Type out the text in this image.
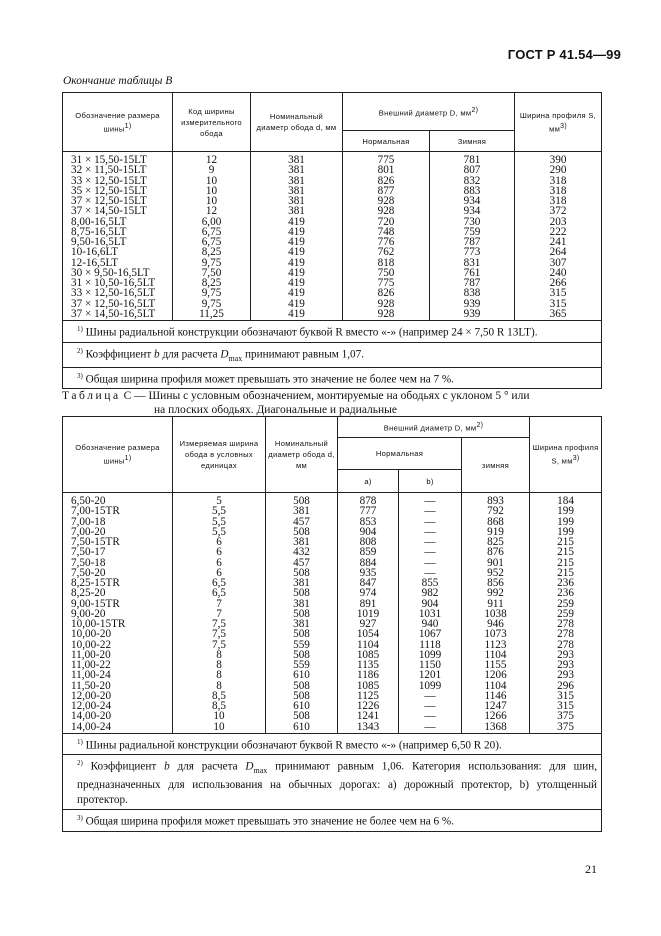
ГОСТ Р 41.54—99
Окончание таблицы B
Обозначение размера шины$^{1)}$	Код ширины измерительного обода	Номинальный диаметр обода d, мм	Внешний диаметр D, $мм^{2)}$		Ширина профиля S, $мм^{3)}$
			Нормальная	Зимняя	
31 × 15,50-15LT	12	381	775	781	390
32 × 11,50-15LT	9	381	801	807	290
33 × 12,50-15LT	10	381	826	832	318
35 × 12,50-15LT	10	381	877	883	318
37 × 12,50-15LT	10	381	928	934	318
37 × 14,50-15LT	12	381	928	934	372
8,00-16,5LT	6,00	419	720	730	203
8,75-16,5LT	6,75	419	748	759	222
9,50-16,5LT	6,75	419	776	787	241
10-16,6LT	8,25	419	762	773	264
12-16,5LT	9,75	419	818	831	307
30 × 9,50-16,5LT	7,50	419	750	761	240
31 × 10,50-16,5LT	8,25	419	775	787	266
33 × 12,50-16,5LT	9,75	419	826	838	315
37 × 12,50-16,5LT	9,75	419	928	939	315
37 × 14,50-16,5LT	11,25	419	928	939	365
$^{1)}$ Шины радиальной конструкции обозначают буквой R вместо «-» (например 24 × 7,50 R 13LT).					
$^{2)}$ Коэффициент b для расчета $D_{max}$ принимают равным 1,07.					
$^{3)}$ Общая ширина профиля может превышать это значение не более чем на 7 %.					
Таблица C — Шины с условным обозначением, монтируемые на ободьях с уклоном 5 ° или
на плоских ободьях. Диагональные и радиальные
Обозначение размера шины$^{1)}$	Измеряемая ширина обода в условных единицах	Номинальный диаметр обода d, мм	Внешний диаметр D, $мм^{2)}$			Ширина профиля S, $мм^{3)}$
			Нормальная		зимняя	
			а)	b)		
6,50-20	5	508	878	—	893	184
7,00-15TR	5,5	381	777	—	792	199
7,00-18	5,5	457	853	—	868	199
7,00-20	5,5	508	904	—	919	199
7,50-15TR	6	381	808	—	825	215
7,50-17	6	432	859	—	876	215
7,50-18	6	457	884	—	901	215
7,50-20	6	508	935	—	952	215
8,25-15TR	6,5	381	847	855	856	236
8,25-20	6,5	508	974	982	992	236
9,00-15TR	7	381	891	904	911	259
9,00-20	7	508	1019	1031	1038	259
10,00-15TR	7,5	381	927	940	946	278
10,00-20	7,5	508	1054	1067	1073	278
10,00-22	7,5	559	1104	1118	1123	278
11,00-20	8	508	1085	1099	1104	293
11,00-22	8	559	1135	1150	1155	293
11,00-24	8	610	1186	1201	1206	293
11,50-20	8	508	1085	1099	1104	296
12,00-20	8,5	508	1125	—	1146	315
12,00-24	8,5	610	1226	—	1247	315
14,00-20	10	508	1241	—	1266	375
14,00-24	10	610	1343	—	1368	375
$^{1)}$ Шины радиальной конструкции обозначают буквой R вместо «-» (например 6,50 R 20).						
$^{2)}$ Коэффициент b для расчета $D_{max}$ принимают равным 1,06. Категория использования: для шин, предназначенных для использования на обычных дорогах: а) дорожный протектор, b) утолщенный протектор.						
$^{3)}$ Общая ширина профиля может превышать это значение не более чем на 6 %.						
21
